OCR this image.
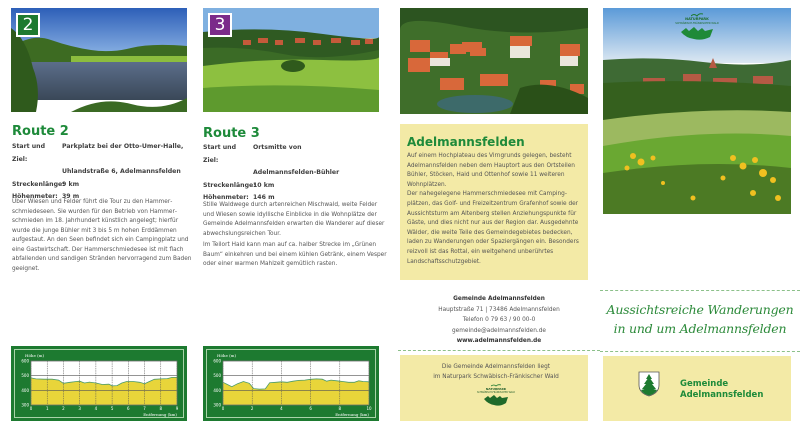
2
Route 2
Start und Ziel:
Parkplatz bei der Otto-Umer-Halle,
Uhlandstraße 6, Adelmannsfelden
Streckenlänge:
9 km
Höhenmeter: 39 m

Über Wiesen und Felder führt die Tour zu den Hammerschmiedeseen. Sie wurden für den Betrieb von Hammerschmieden im 18. Jahrhundert künstlich angelegt; hierfür wurde die junge Bühler mit 3 bis 5 m hohen Erddämmen aufgestaut. An den Seen befindet sich ein Campingplatz und eine Gastwirtschaft. Der Hammerschmiedesee ist mit flach abfallenden und sandigen Stränden hervorragend zum Baden geeignet.

300
400
500
600
0	1	2	3	4	5	6	7	8	9
Höhe (m)
Entfernung (km)
3
Route 3
Start und Ziel:
Ortsmitte von
Adelmannsfelden-Bühler
Streckenlänge:
10 km
Höhenmeter: 146 m

Stille Waldwege durch artenreichen Mischwald, weite Felder und Wiesen sowie idyllische Einblicke in die Wohnplätze der Gemeinde Adelmannsfelden erwarten die Wanderer auf dieser abwechslungsreichen Tour.

Im Teilort Haid kann man auf ca. halber Strecke im „Grünen Baum“ einkehren und bei einem kühlen Getränk, einem Vesper oder einer warmen Mahlzeit gemütlich rasten.

300
400
500
600
0	2	4	6	8	10
Höhe (m)
Entfernung (km)
Adelmannsfelden

Auf einem Hochplateau des Virngrunds gelegen, besteht Adelmannsfelden neben dem Hauptort aus den Ortsteilen Bühler, Stöcken, Haid und Ottenhof sowie 11 weiteren Wohnplätzen.

Der nahegelegene Hammerschmiedesee mit Campingplätzen, das Golf- und Freizeitzentrum Grafenhof sowie der Aussichtsturm am Altenberg stellen Anziehungspunkte für Gäste, und dies nicht nur aus der Region dar. Ausgedehnte Wälder, die weite Teile des Gemeindegebietes bedecken, laden zu Wanderungen oder Spaziergängen ein. Besonders reizvoll ist das Rottal, ein weitgehend unberührtes Landschaftsschutzgebiet.

Gemeinde Adelmannsfelden
Hauptstraße 71 | 73486 Adelmannsfelden
Telefon 0 79 63 / 90 00-0
gemeinde@adelmannsfelden.de
www.adelmannsfelden.de
Die Gemeinde Adelmannsfelden liegt
im Naturpark Schwäbisch-Fränkischer Wald
NATURPARK
SCHWÄBISCH-FRÄNKISCHER WALD
NATURPARK
SCHWÄBISCH-FRÄNKISCHER WALD
Aussichtsreiche Wanderungen
in und um Adelmannsfelden
Gemeinde
Adelmannsfelden
